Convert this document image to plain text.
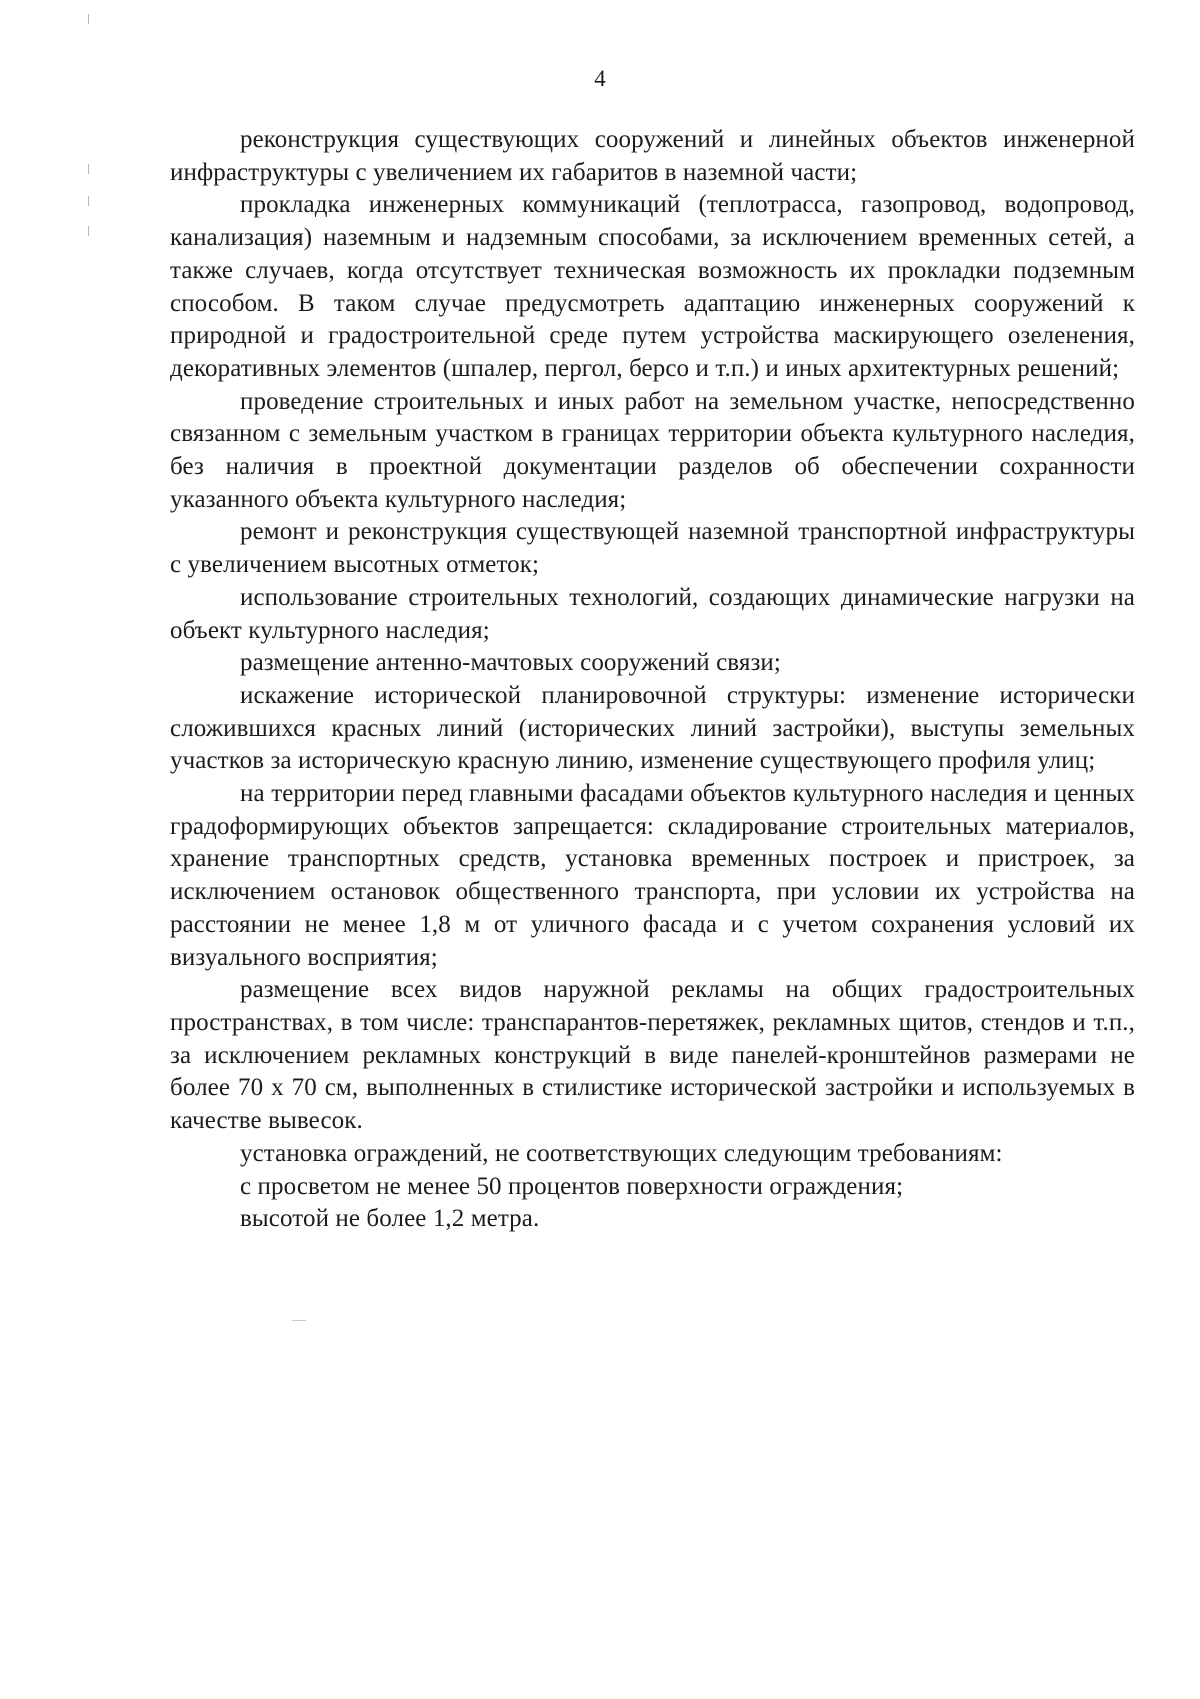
4

реконструкция существующих сооружений и линейных объектов инженерной инфраструктуры с увеличением их габаритов в наземной части;

прокладка инженерных коммуникаций (теплотрасса, газопровод, водопровод, канализация) наземным и надземным способами, за исключением временных сетей, а также случаев, когда отсутствует техническая возможность их прокладки подземным способом. В таком случае предусмотреть адаптацию инженерных сооружений к природной и градостроительной среде путем устройства маскирующего озеленения, декоративных элементов (шпалер, пергол, берсо и т.п.) и иных архитектурных решений;

проведение строительных и иных работ на земельном участке, непосредственно связанном с земельным участком в границах территории объекта культурного наследия, без наличия в проектной документации разделов об обеспечении сохранности указанного объекта культурного наследия;

ремонт и реконструкция существующей наземной транспортной инфраструктуры с увеличением высотных отметок;

использование строительных технологий, создающих динамические нагрузки на объект культурного наследия;

размещение антенно-мачтовых сооружений связи;

искажение исторической планировочной структуры: изменение исторически сложившихся красных линий (исторических линий застройки), выступы земельных участков за историческую красную линию, изменение существующего профиля улиц;

на территории перед главными фасадами объектов культурного наследия и ценных градоформирующих объектов запрещается: складирование строительных материалов, хранение транспортных средств, установка временных построек и пристроек, за исключением остановок общественного транспорта, при условии их устройства на расстоянии не менее 1,8 м от уличного фасада и с учетом сохранения условий их визуального восприятия;

размещение всех видов наружной рекламы на общих градостроительных пространствах, в том числе: транспарантов-перетяжек, рекламных щитов, стендов и т.п., за исключением рекламных конструкций в виде панелей-кронштейнов размерами не более 70 х 70 см, выполненных в стилистике исторической застройки и используемых в качестве вывесок.

установка ограждений, не соответствующих следующим требованиям:

с просветом не менее 50 процентов поверхности ограждения;

высотой не более 1,2 метра.
